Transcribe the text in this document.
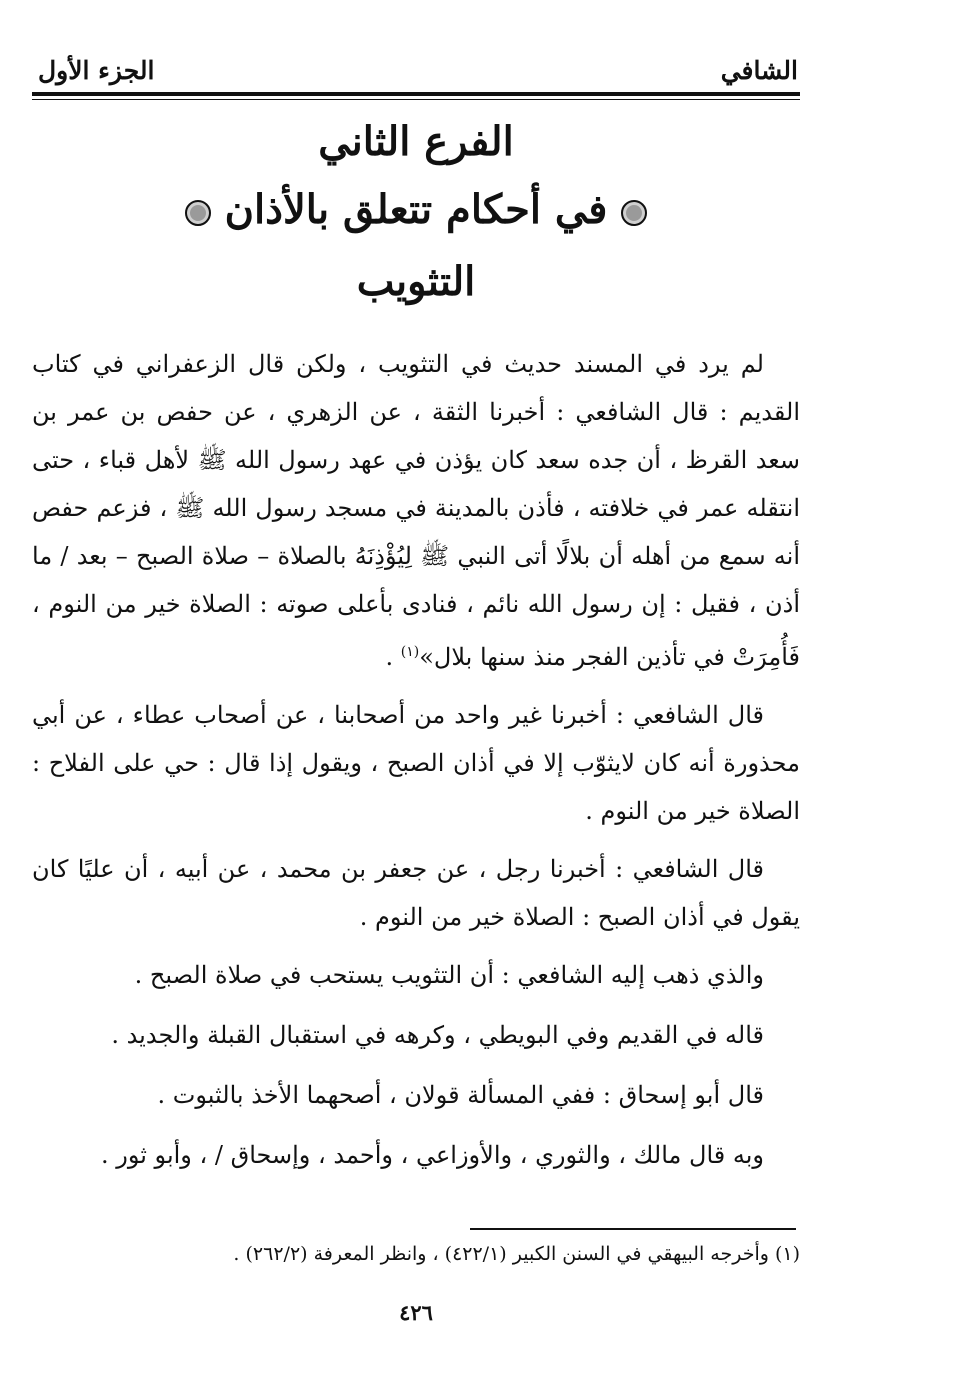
الشافي
الجزء الأول
الفرع الثاني
في أحكام تتعلق بالأذان
التثويب

لم يرد في المسند حديث في التثويب ، ولكن قال الزعفراني في كتاب القديم : قال الشافعي : أخبرنا الثقة ، عن الزهري ، عن حفص بن عمر بن سعد القرظ ، أن جده سعد كان يؤذن في عهد رسول الله ﷺ لأهل قباء ، حتى انتقله عمر في خلافته ، فأذن بالمدينة في مسجد رسول الله ﷺ ، فزعم حفص أنه سمع من أهله أن بلالًا أتى النبي ﷺ لِيُؤْذِنَهُ بالصلاة – صلاة الصبح – بعد / ما أذن ، فقيل : إن رسول الله نائم ، فنادى بأعلى صوته : الصلاة خير من النوم ، فَأُمِرَتْ في تأذين الفجر منذ سنها بلال»$^{(١)}$ .

قال الشافعي : أخبرنا غير واحد من أصحابنا ، عن أصحاب عطاء ، عن أبي محذورة أنه كان لايثوّب إلا في أذان الصبح ، ويقول إذا قال : حي على الفلاح : الصلاة خير من النوم .

قال الشافعي : أخبرنا رجل ، عن جعفر بن محمد ، عن أبيه ، أن عليًا كان يقول في أذان الصبح : الصلاة خير من النوم .

والذي ذهب إليه الشافعي : أن التثويب يستحب في صلاة الصبح .

قاله في القديم وفي البويطي ، وكرهه في استقبال القبلة والجديد .

قال أبو إسحاق : ففي المسألة قولان ، أصحهما الأخذ بالثبوت .

وبه قال مالك ، والثوري ، والأوزاعي ، وأحمد ، وإسحاق / ، وأبو ثور .

(١) وأخرجه البيهقي في السنن الكبير (٤٢٢/١) ، وانظر المعرفة (٢٦٢/٢) .
٤٢٦
